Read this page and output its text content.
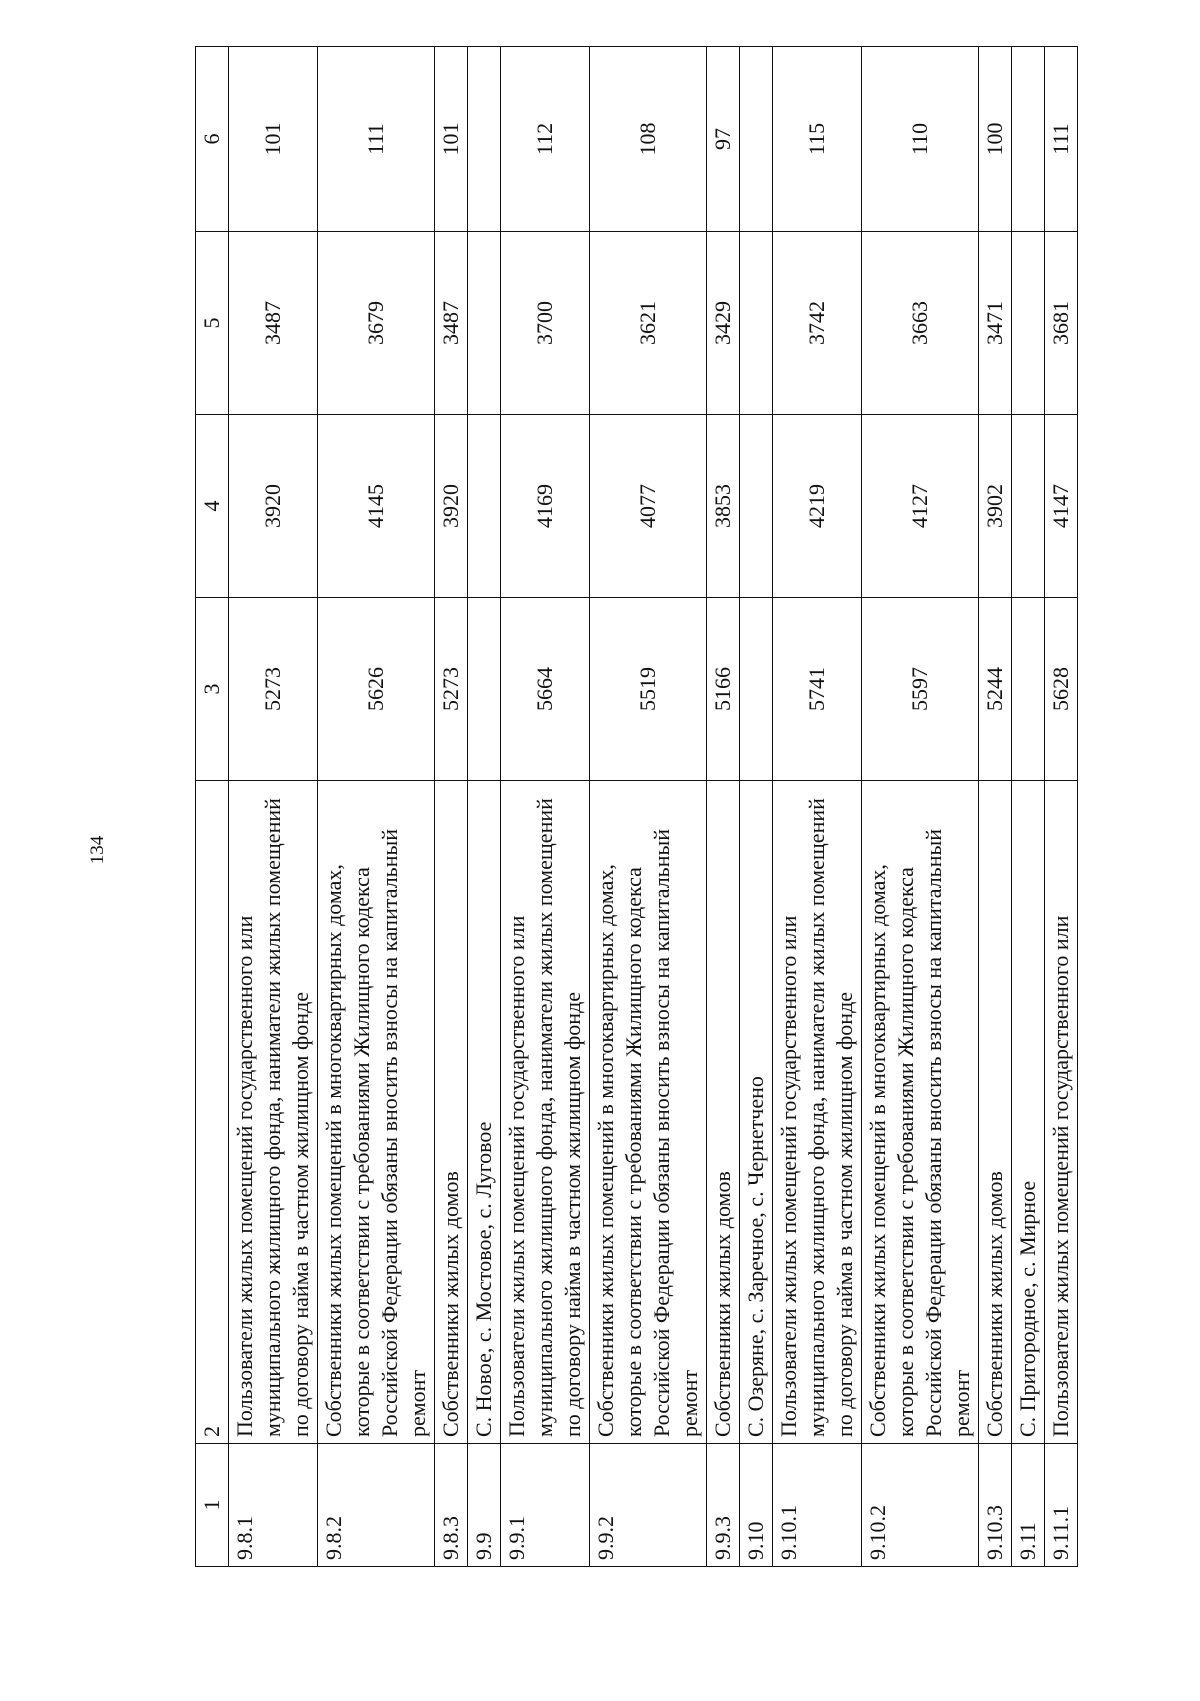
134
1	2	3	4	5	6
9.8.1	Пользователи жилых помещений государственного или муниципального жилищного фонда, наниматели жилых помещений по договору найма в частном жилищном фонде	5273	3920	3487	101
9.8.2	Собственники жилых помещений в многоквартирных домах, которые в соответствии с требованиями Жилищного кодекса Российской Федерации обязаны вносить взносы на капитальный ремонт	5626	4145	3679	111
9.8.3	Собственники жилых домов	5273	3920	3487	101
9.9	С. Новое, с. Мостовое, с. Луговое				
9.9.1	Пользователи жилых помещений государственного или муниципального жилищного фонда, наниматели жилых помещений по договору найма в частном жилищном фонде	5664	4169	3700	112
9.9.2	Собственники жилых помещений в многоквартирных домах, которые в соответствии с требованиями Жилищного кодекса Российской Федерации обязаны вносить взносы на капитальный ремонт	5519	4077	3621	108
9.9.3	Собственники жилых домов	5166	3853	3429	97
9.10	С. Озеряне, с. Заречное, с. Чернетчено				
9.10.1	Пользователи жилых помещений государственного или муниципального жилищного фонда, наниматели жилых помещений по договору найма в частном жилищном фонде	5741	4219	3742	115
9.10.2	Собственники жилых помещений в многоквартирных домах, которые в соответствии с требованиями Жилищного кодекса Российской Федерации обязаны вносить взносы на капитальный ремонт	5597	4127	3663	110
9.10.3	Собственники жилых домов	5244	3902	3471	100
9.11	С. Пригородное, с. Мирное				
9.11.1	Пользователи жилых помещений государственного или	5628	4147	3681	111
